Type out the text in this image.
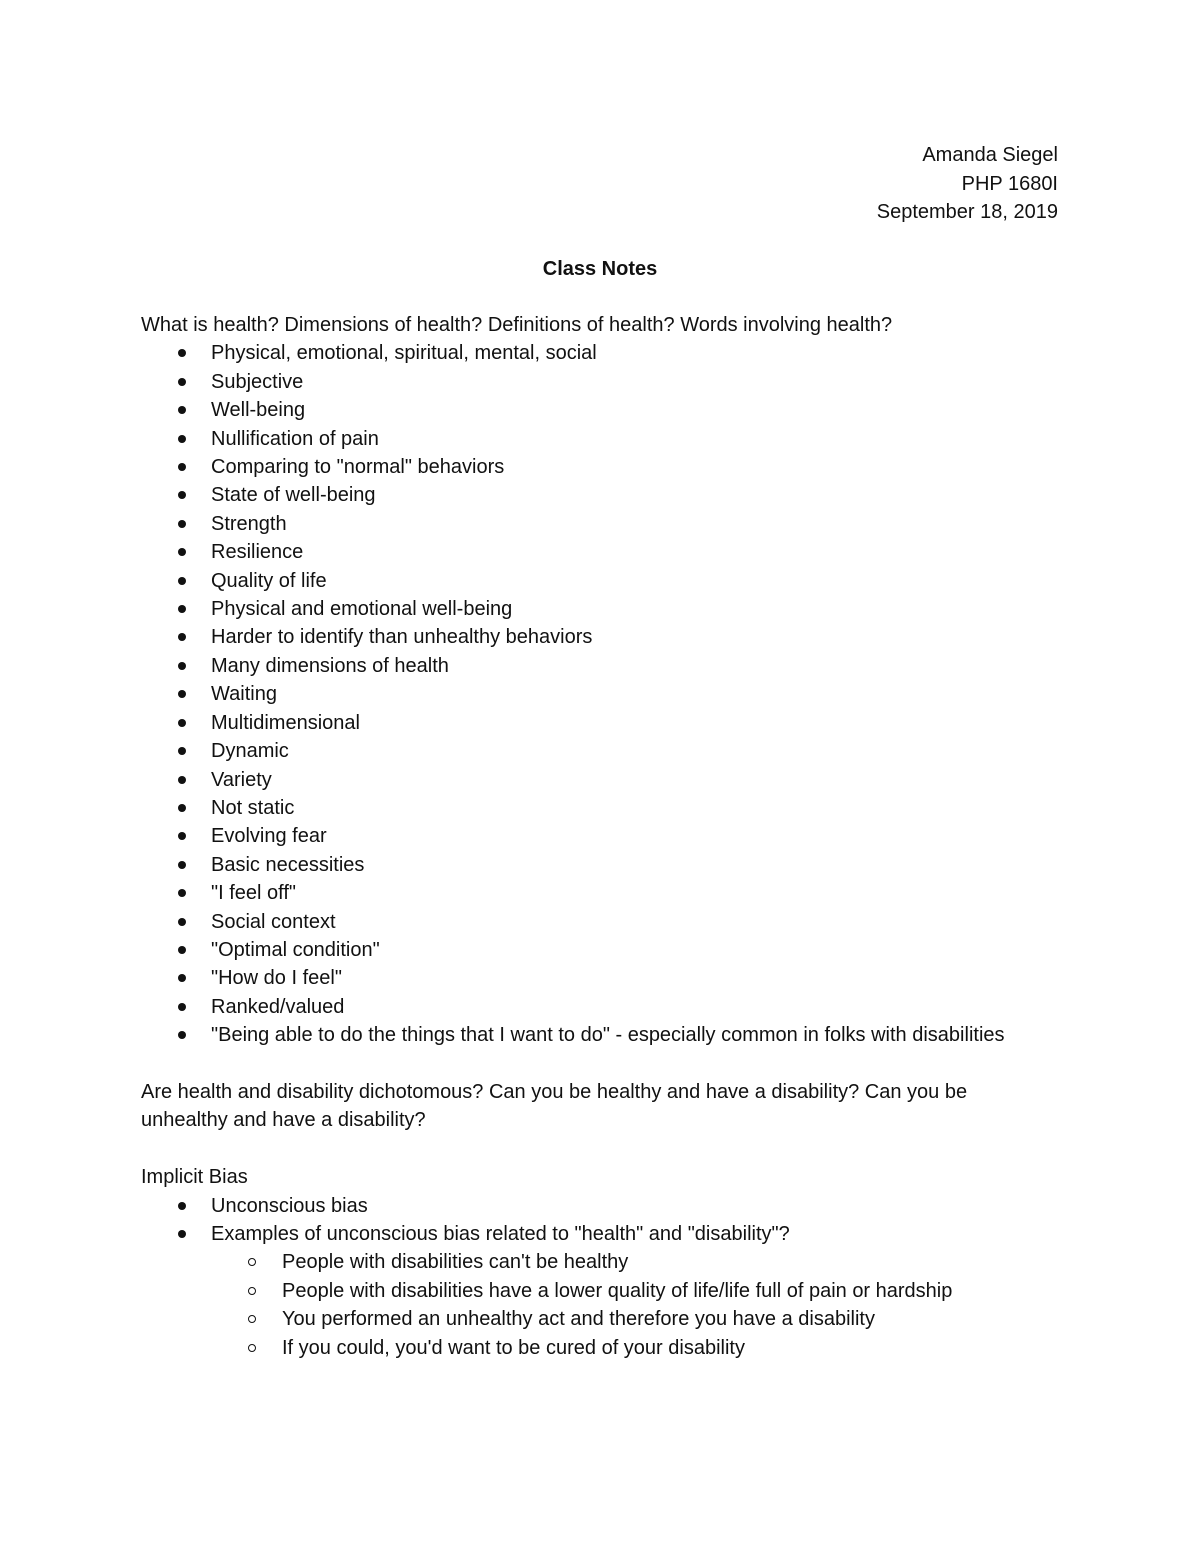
Amanda Siegel
PHP 1680I
September 18, 2019
Class Notes

What is health? Dimensions of health? Definitions of health? Words involving health?

Physical, emotional, spiritual, mental, social
Subjective
Well-being
Nullification of pain
Comparing to "normal" behaviors
State of well-being
Strength
Resilience
Quality of life
Physical and emotional well-being
Harder to identify than unhealthy behaviors
Many dimensions of health
Waiting
Multidimensional
Dynamic
Variety
Not static
Evolving fear
Basic necessities
"I feel off"
Social context
"Optimal condition"
"How do I feel"
Ranked/valued
"Being able to do the things that I want to do" - especially common in folks with disabilities

Are health and disability dichotomous? Can you be healthy and have a disability? Can you be unhealthy and have a disability?

Implicit Bias

Unconscious bias
Examples of unconscious bias related to "health" and "disability"?
People with disabilities can't be healthy
People with disabilities have a lower quality of life/life full of pain or hardship
You performed an unhealthy act and therefore you have a disability
If you could, you'd want to be cured of your disability
